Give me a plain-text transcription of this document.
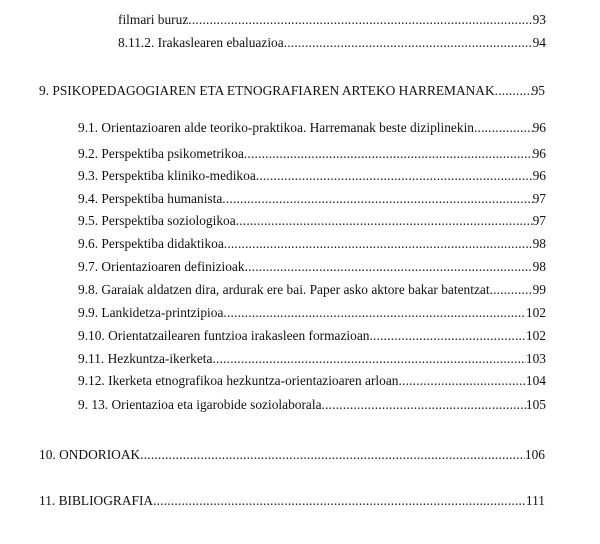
filmari buruz .....	93
8.11.2. Irakaslearen ebaluazioa .....	94
9. PSIKOPEDAGOGIAREN ETA ETNOGRAFIAREN ARTEKO HARREMANAK .....	95
9.1. Orientazioaren alde teoriko-praktikoa. Harremanak beste diziplinekin .....	96
9.2. Perspektiba psikometrikoa .....	96
9.3. Perspektiba kliniko-medikoa .....	96
9.4. Perspektiba humanista .....	97
9.5. Perspektiba soziologikoa .....	97
9.6. Perspektiba didaktikoa .....	98
9.7. Orientazioaren definizioak .....	98
9.8. Garaiak aldatzen dira, ardurak ere bai. Paper asko aktore bakar batentzat .....	99
9.9. Lankidetza-printzipioa .....	102
9.10. Orientatzailearen funtzioa irakasleen formazioan .....	102
9.11. Hezkuntza-ikerketa .....	103
9.12. Ikerketa etnografikoa hezkuntza-orientazioaren arloan .....	104
9. 13. Orientazioa eta igarobide soziolaborala .....	105
10. ONDORIOAK .....	106
11. BIBLIOGRAFIA .....	111
